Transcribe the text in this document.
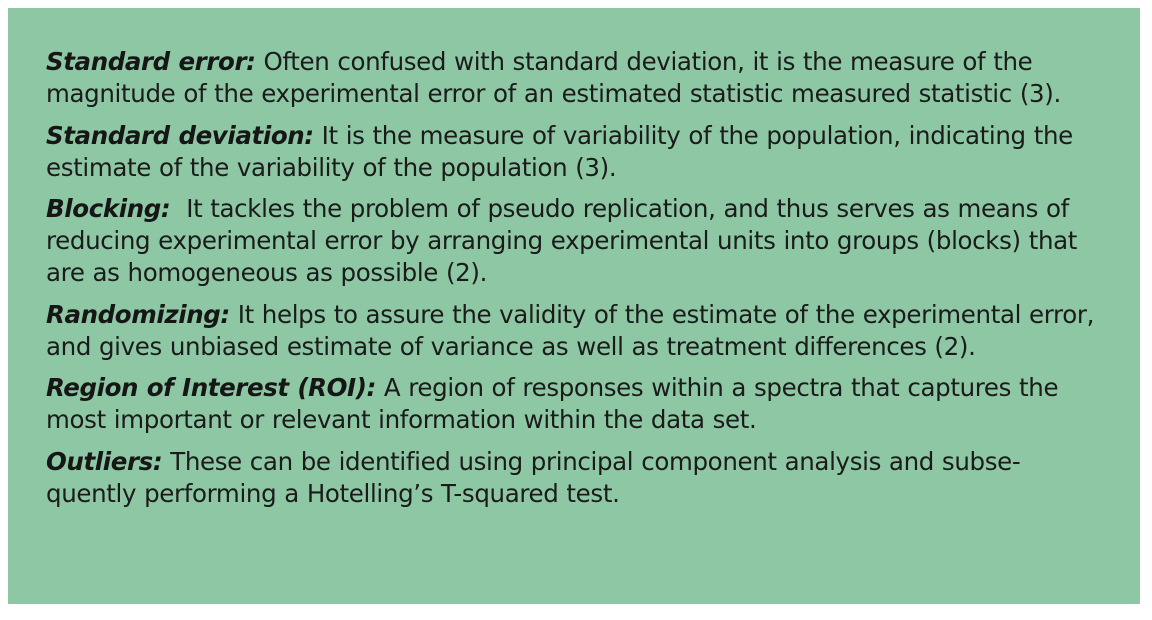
Standard error: Often confused with standard deviation, it is the measure of the magnitude of the experimental error of an estimated statistic measured statistic (3).

Standard deviation: It is the measure of variability of the population, indicating the estimate of the variability of the population (3).

Blocking: It tackles the problem of pseudo replication, and thus serves as means of reducing experimental error by arranging experimental units into groups (blocks) that are as homogeneous as possible (2).

Randomizing: It helps to assure the validity of the estimate of the experimental error, and gives unbiased estimate of variance as well as treatment differences (2).

Region of Interest (ROI): A region of responses within a spectra that captures the most important or relevant information within the data set.

Outliers: These can be identified using principal component analysis and subse-quently performing a Hotelling’s T-squared test.
